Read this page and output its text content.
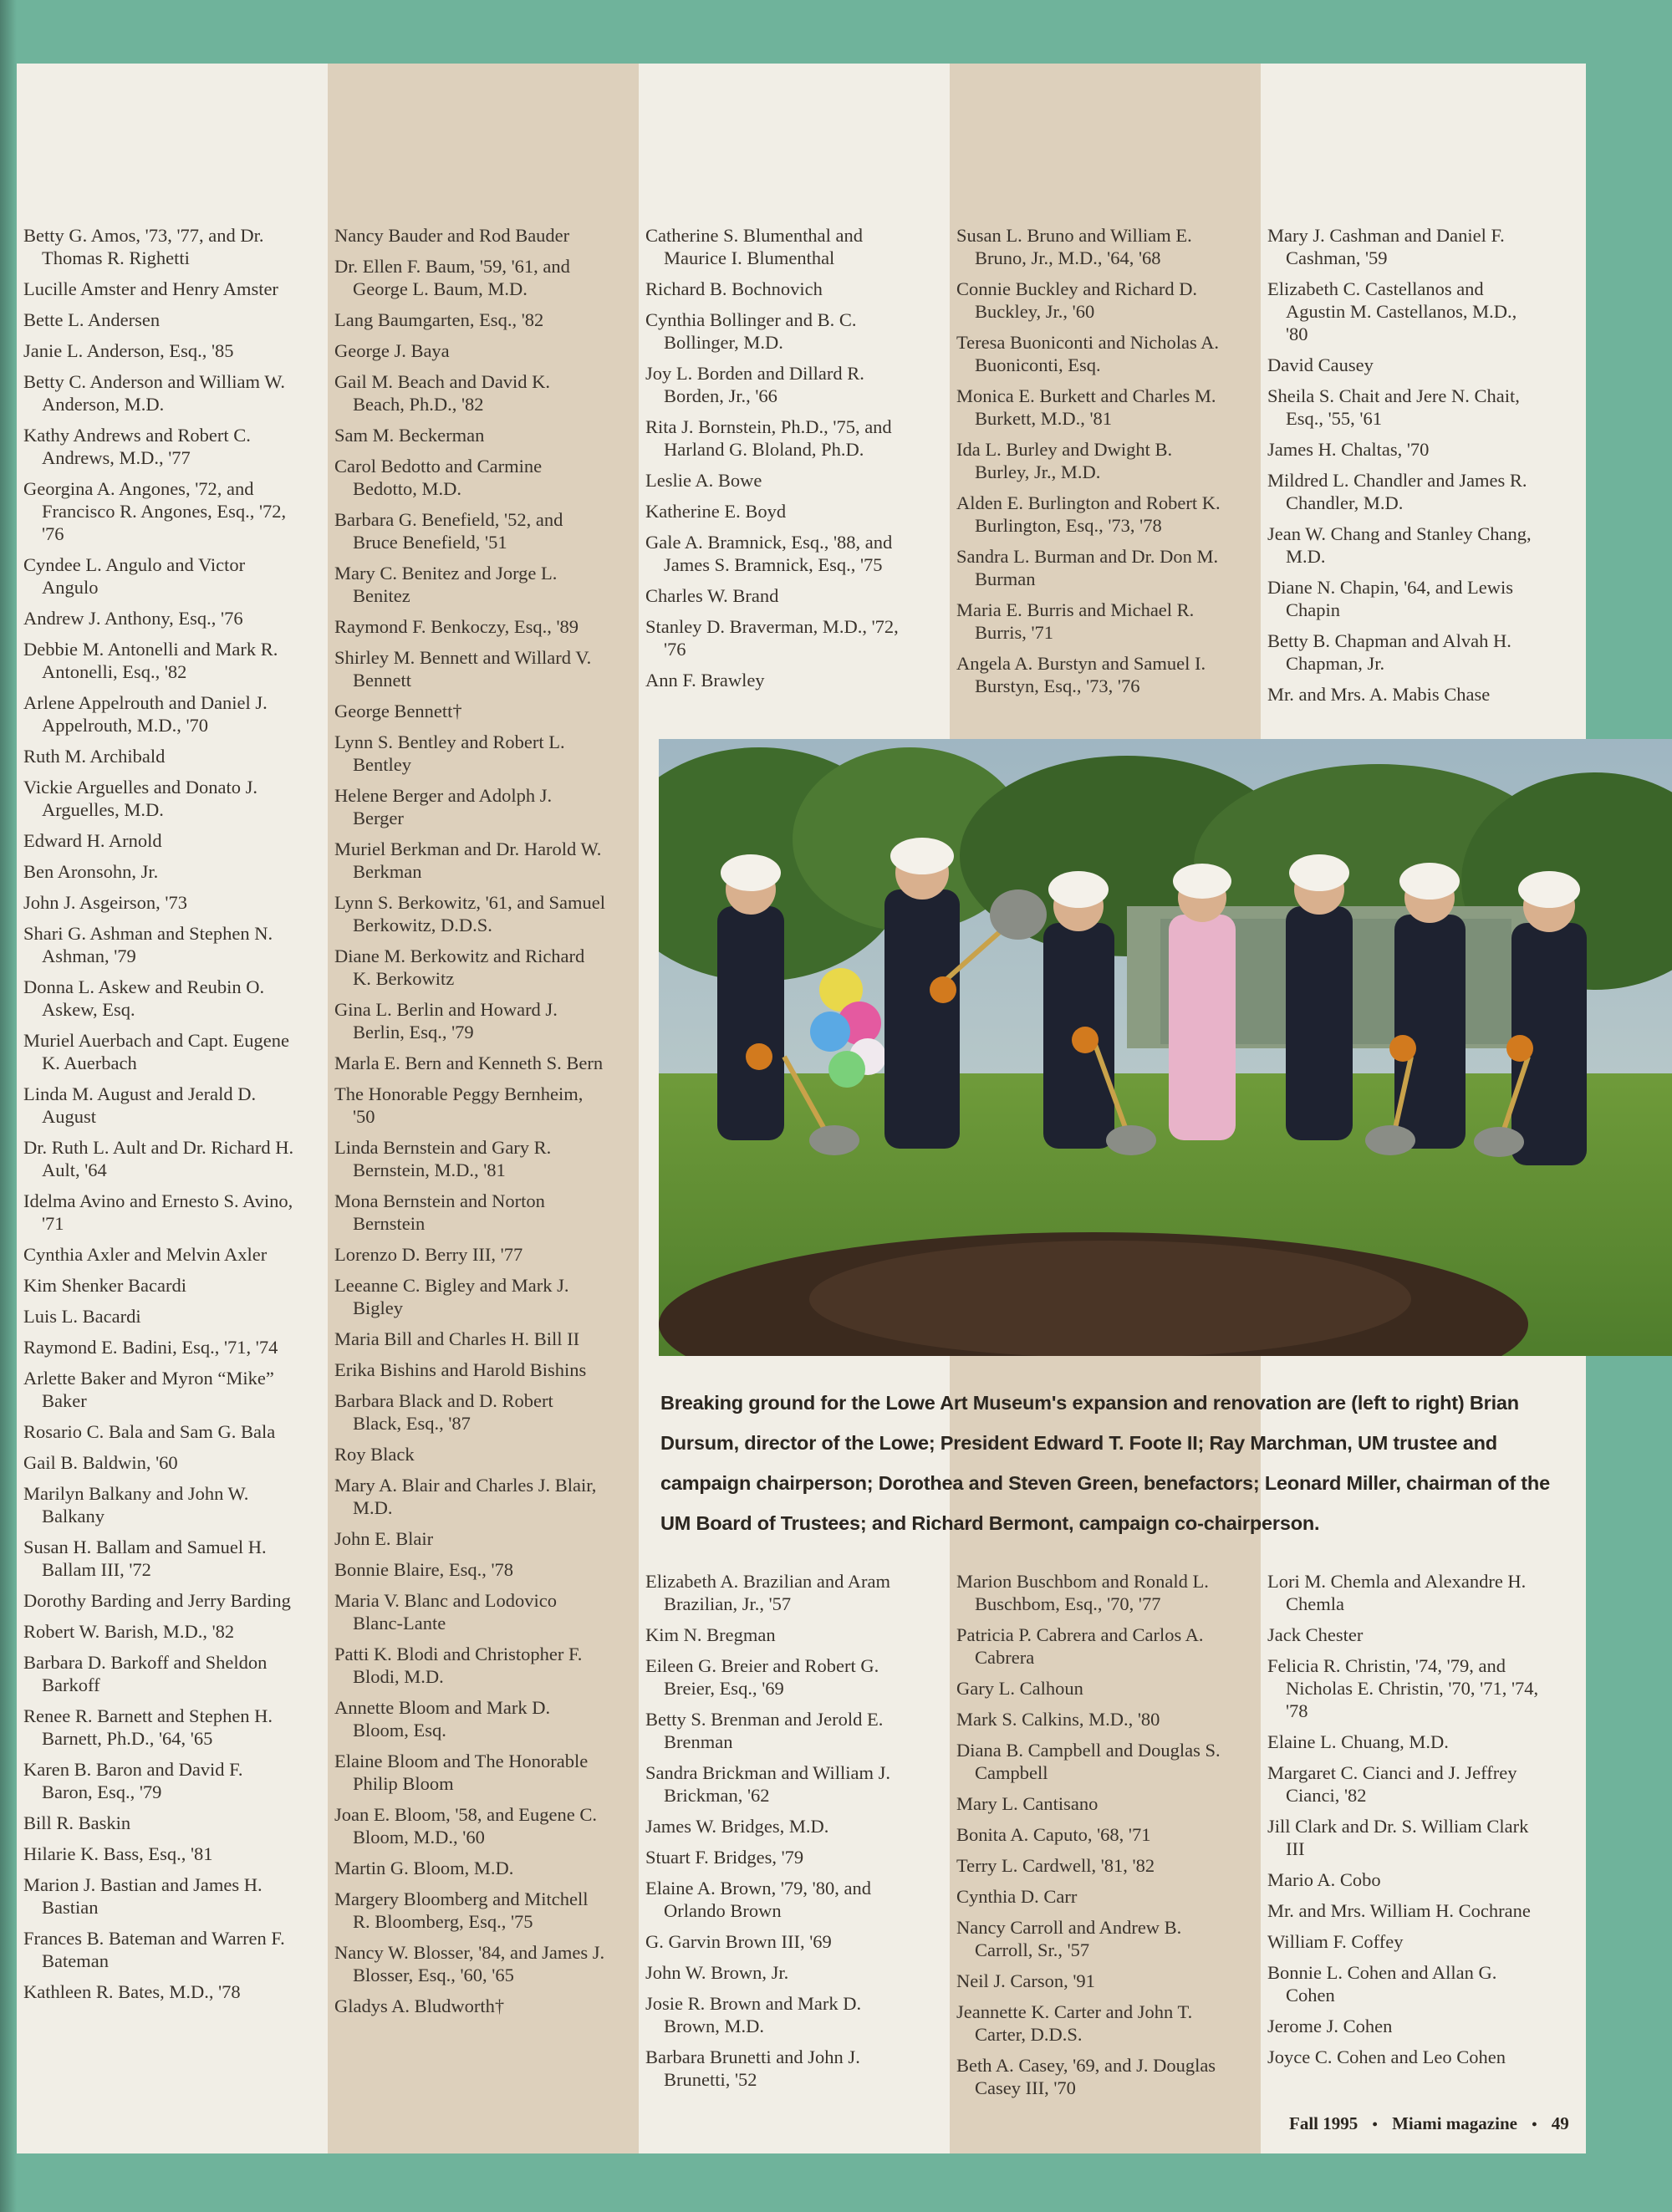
Betty G. Amos, '73, '77, and Dr. Thomas R. Righetti
Lucille Amster and Henry Amster
Bette L. Andersen
Janie L. Anderson, Esq., '85
Betty C. Anderson and William W. Anderson, M.D.
Kathy Andrews and Robert C. Andrews, M.D., '77
Georgina A. Angones, '72, and Francisco R. Angones, Esq., '72, '76
Cyndee L. Angulo and Victor Angulo
Andrew J. Anthony, Esq., '76
Debbie M. Antonelli and Mark R. Antonelli, Esq., '82
Arlene Appelrouth and Daniel J. Appelrouth, M.D., '70
Ruth M. Archibald
Vickie Arguelles and Donato J. Arguelles, M.D.
Edward H. Arnold
Ben Aronsohn, Jr.
John J. Asgeirson, '73
Shari G. Ashman and Stephen N. Ashman, '79
Donna L. Askew and Reubin O. Askew, Esq.
Muriel Auerbach and Capt. Eugene K. Auerbach
Linda M. August and Jerald D. August
Dr. Ruth L. Ault and Dr. Richard H. Ault, '64
Idelma Avino and Ernesto S. Avino, '71
Cynthia Axler and Melvin Axler
Kim Shenker Bacardi
Luis L. Bacardi
Raymond E. Badini, Esq., '71, '74
Arlette Baker and Myron “Mike” Baker
Rosario C. Bala and Sam G. Bala
Gail B. Baldwin, '60
Marilyn Balkany and John W. Balkany
Susan H. Ballam and Samuel H. Ballam III, '72
Dorothy Barding and Jerry Barding
Robert W. Barish, M.D., '82
Barbara D. Barkoff and Sheldon Barkoff
Renee R. Barnett and Stephen H. Barnett, Ph.D., '64, '65
Karen B. Baron and David F. Baron, Esq., '79
Bill R. Baskin
Hilarie K. Bass, Esq., '81
Marion J. Bastian and James H. Bastian
Frances B. Bateman and Warren F. Bateman
Kathleen R. Bates, M.D., '78
Nancy Bauder and Rod Bauder
Dr. Ellen F. Baum, '59, '61, and George L. Baum, M.D.
Lang Baumgarten, Esq., '82
George J. Baya
Gail M. Beach and David K. Beach, Ph.D., '82
Sam M. Beckerman
Carol Bedotto and Carmine Bedotto, M.D.
Barbara G. Benefield, '52, and Bruce Benefield, '51
Mary C. Benitez and Jorge L. Benitez
Raymond F. Benkoczy, Esq., '89
Shirley M. Bennett and Willard V. Bennett
George Bennett†
Lynn S. Bentley and Robert L. Bentley
Helene Berger and Adolph J. Berger
Muriel Berkman and Dr. Harold W. Berkman
Lynn S. Berkowitz, '61, and Samuel Berkowitz, D.D.S.
Diane M. Berkowitz and Richard K. Berkowitz
Gina L. Berlin and Howard J. Berlin, Esq., '79
Marla E. Bern and Kenneth S. Bern
The Honorable Peggy Bernheim, '50
Linda Bernstein and Gary R. Bernstein, M.D., '81
Mona Bernstein and Norton Bernstein
Lorenzo D. Berry III, '77
Leeanne C. Bigley and Mark J. Bigley
Maria Bill and Charles H. Bill II
Erika Bishins and Harold Bishins
Barbara Black and D. Robert Black, Esq., '87
Roy Black
Mary A. Blair and Charles J. Blair, M.D.
John E. Blair
Bonnie Blaire, Esq., '78
Maria V. Blanc and Lodovico Blanc-Lante
Patti K. Blodi and Christopher F. Blodi, M.D.
Annette Bloom and Mark D. Bloom, Esq.
Elaine Bloom and The Honorable Philip Bloom
Joan E. Bloom, '58, and Eugene C. Bloom, M.D., '60
Martin G. Bloom, M.D.
Margery Bloomberg and Mitchell R. Bloomberg, Esq., '75
Nancy W. Blosser, '84, and James J. Blosser, Esq., '60, '65
Gladys A. Bludworth†
Catherine S. Blumenthal and Maurice I. Blumenthal
Richard B. Bochnovich
Cynthia Bollinger and B. C. Bollinger, M.D.
Joy L. Borden and Dillard R. Borden, Jr., '66
Rita J. Bornstein, Ph.D., '75, and Harland G. Bloland, Ph.D.
Leslie A. Bowe
Katherine E. Boyd
Gale A. Bramnick, Esq., '88, and James S. Bramnick, Esq., '75
Charles W. Brand
Stanley D. Braverman, M.D., '72, '76
Ann F. Brawley
Susan L. Bruno and William E. Bruno, Jr., M.D., '64, '68
Connie Buckley and Richard D. Buckley, Jr., '60
Teresa Buoniconti and Nicholas A. Buoniconti, Esq.
Monica E. Burkett and Charles M. Burkett, M.D., '81
Ida L. Burley and Dwight B. Burley, Jr., M.D.
Alden E. Burlington and Robert K. Burlington, Esq., '73, '78
Sandra L. Burman and Dr. Don M. Burman
Maria E. Burris and Michael R. Burris, '71
Angela A. Burstyn and Samuel I. Burstyn, Esq., '73, '76
Mary J. Cashman and Daniel F. Cashman, '59
Elizabeth C. Castellanos and Agustin M. Castellanos, M.D., '80
David Causey
Sheila S. Chait and Jere N. Chait, Esq., '55, '61
James H. Chaltas, '70
Mildred L. Chandler and James R. Chandler, M.D.
Jean W. Chang and Stanley Chang, M.D.
Diane N. Chapin, '64, and Lewis Chapin
Betty B. Chapman and Alvah H. Chapman, Jr.
Mr. and Mrs. A. Mabis Chase
Breaking ground for the Lowe Art Museum's expansion and renovation are (left to right) Brian Dursum, director of the Lowe; President Edward T. Foote II; Ray Marchman, UM trustee and campaign chairperson; Dorothea and Steven Green, benefactors; Leonard Miller, chairman of the UM Board of Trustees; and Richard Bermont, campaign co-chairperson.
Elizabeth A. Brazilian and Aram Brazilian, Jr., '57
Kim N. Bregman
Eileen G. Breier and Robert G. Breier, Esq., '69
Betty S. Brenman and Jerold E. Brenman
Sandra Brickman and William J. Brickman, '62
James W. Bridges, M.D.
Stuart F. Bridges, '79
Elaine A. Brown, '79, '80, and Orlando Brown
G. Garvin Brown III, '69
John W. Brown, Jr.
Josie R. Brown and Mark D. Brown, M.D.
Barbara Brunetti and John J. Brunetti, '52
Marion Buschbom and Ronald L. Buschbom, Esq., '70, '77
Patricia P. Cabrera and Carlos A. Cabrera
Gary L. Calhoun
Mark S. Calkins, M.D., '80
Diana B. Campbell and Douglas S. Campbell
Mary L. Cantisano
Bonita A. Caputo, '68, '71
Terry L. Cardwell, '81, '82
Cynthia D. Carr
Nancy Carroll and Andrew B. Carroll, Sr., '57
Neil J. Carson, '91
Jeannette K. Carter and John T. Carter, D.D.S.
Beth A. Casey, '69, and J. Douglas Casey III, '70
Lori M. Chemla and Alexandre H. Chemla
Jack Chester
Felicia R. Christin, '74, '79, and Nicholas E. Christin, '70, '71, '74, '78
Elaine L. Chuang, M.D.
Margaret C. Cianci and J. Jeffrey Cianci, '82
Jill Clark and Dr. S. William Clark III
Mario A. Cobo
Mr. and Mrs. William H. Cochrane
William F. Coffey
Bonnie L. Cohen and Allan G. Cohen
Jerome J. Cohen
Joyce C. Cohen and Leo Cohen
Fall 1995 • Miami magazine • 49
